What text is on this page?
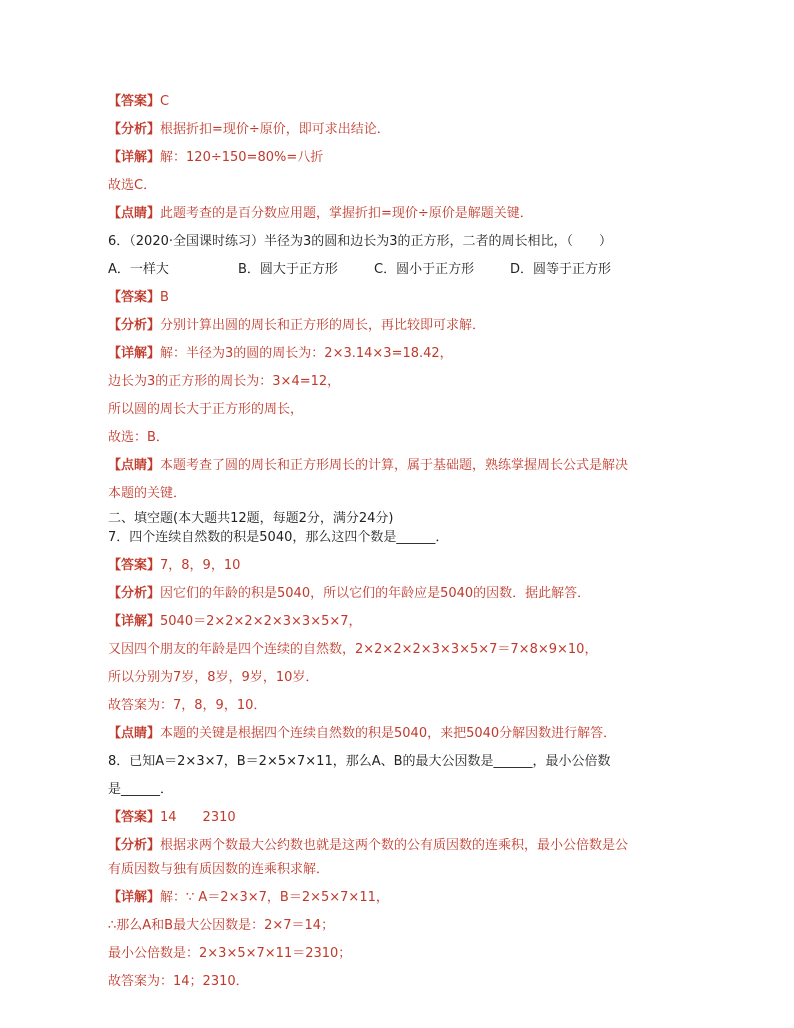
【答案】C
【分析】根据折扣=现价÷原价，即可求出结论．
【详解】解：120÷150=80%=八折
故选C．
【点睛】此题考查的是百分数应用题，掌握折扣=现价÷原价是解题关键．
6．（2020·全国课时练习）半径为3的圆和边长为3的正方形，二者的周长相比，（　　）
A．一样大	B．圆大于正方形	C．圆小于正方形	D．圆等于正方形
【答案】B
【分析】分别计算出圆的周长和正方形的周长，再比较即可求解．
【详解】解：半径为3的圆的周长为：2×3.14×3=18.42，
边长为3的正方形的周长为：3×4=12，
所以圆的周长大于正方形的周长，
故选：B．
【点睛】本题考查了圆的周长和正方形周长的计算，属于基础题，熟练掌握周长公式是解决
本题的关键．
二、填空题(本大题共12题，每题2分，满分24分)
7．四个连续自然数的积是5040，那么这四个数是______．
【答案】7，8，9，10
【分析】因它们的年龄的积是5040，所以它们的年龄应是5040的因数．据此解答．
【详解】5040＝2×2×2×2×3×3×5×7，
又因四个朋友的年龄是四个连续的自然数，2×2×2×2×3×3×5×7＝7×8×9×10，
所以分别为7岁，8岁，9岁，10岁．
故答案为：7，8，9，10．
【点睛】本题的关键是根据四个连续自然数的积是5040，来把5040分解因数进行解答．
8．已知A＝2×3×7，B＝2×5×7×11，那么A、B的最大公因数是______，最小公倍数
是______．
【答案】14　　2310
【分析】根据求两个数最大公约数也就是这两个数的公有质因数的连乘积，最小公倍数是公
有质因数与独有质因数的连乘积求解．
【详解】解：∵ A＝2×3×7，B＝2×5×7×11，
∴那么A和B最大公因数是：2×7＝14；
最小公倍数是：2×3×5×7×11＝2310；
故答案为：14；2310．
